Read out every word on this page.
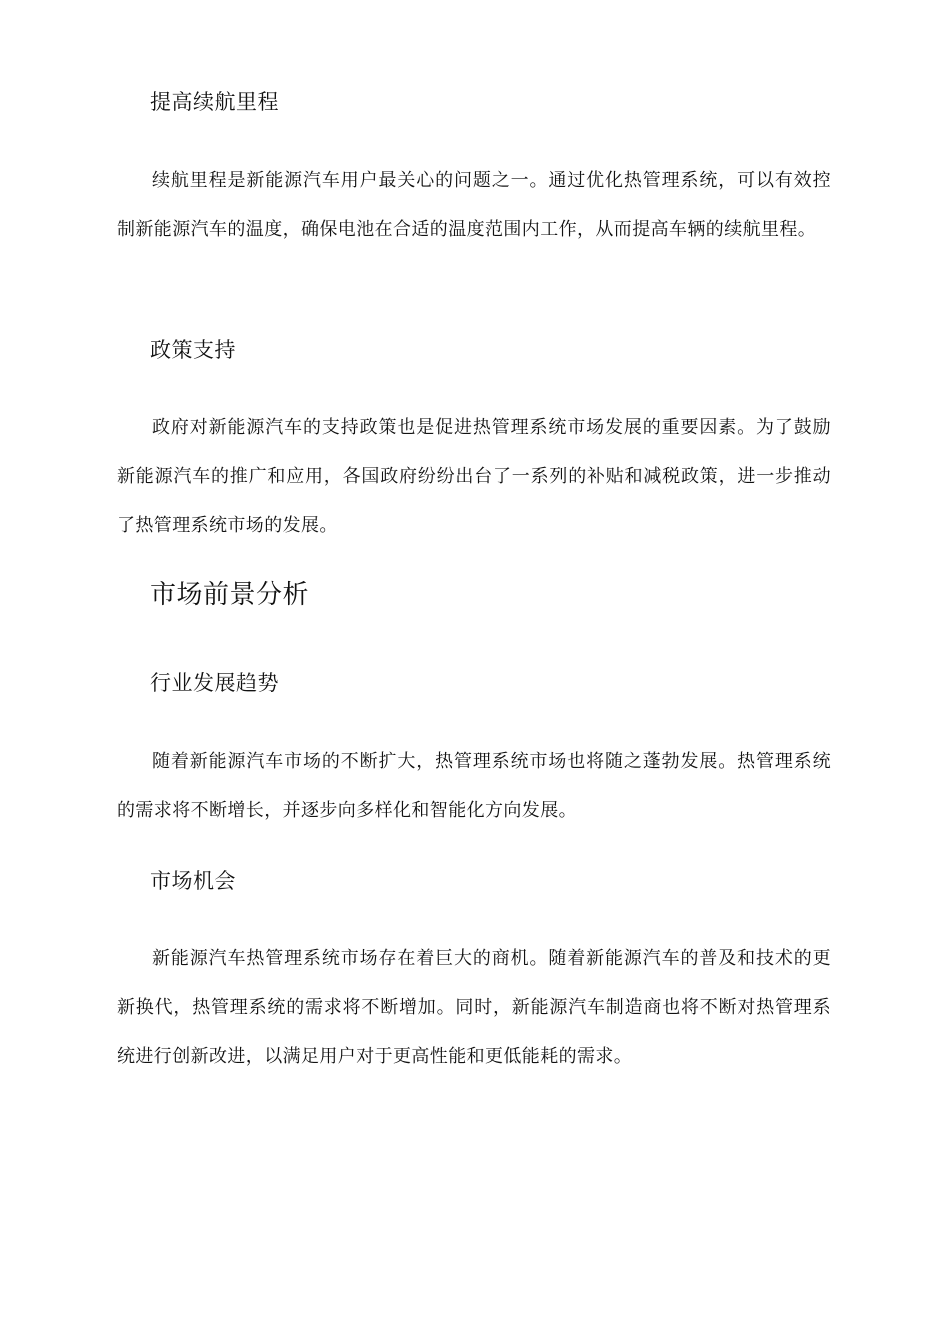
提高续航里程

续航里程是新能源汽车用户最关心的问题之一。通过优化热管理系统，可以有效控制新能源汽车的温度，确保电池在合适的温度范围内工作，从而提高车辆的续航里程。

政策支持

政府对新能源汽车的支持政策也是促进热管理系统市场发展的重要因素。为了鼓励新能源汽车的推广和应用，各国政府纷纷出台了一系列的补贴和减税政策，进一步推动了热管理系统市场的发展。

市场前景分析
行业发展趋势

随着新能源汽车市场的不断扩大，热管理系统市场也将随之蓬勃发展。热管理系统的需求将不断增长，并逐步向多样化和智能化方向发展。

市场机会

新能源汽车热管理系统市场存在着巨大的商机。随着新能源汽车的普及和技术的更新换代，热管理系统的需求将不断增加。同时，新能源汽车制造商也将不断对热管理系统进行创新改进，以满足用户对于更高性能和更低能耗的需求。
